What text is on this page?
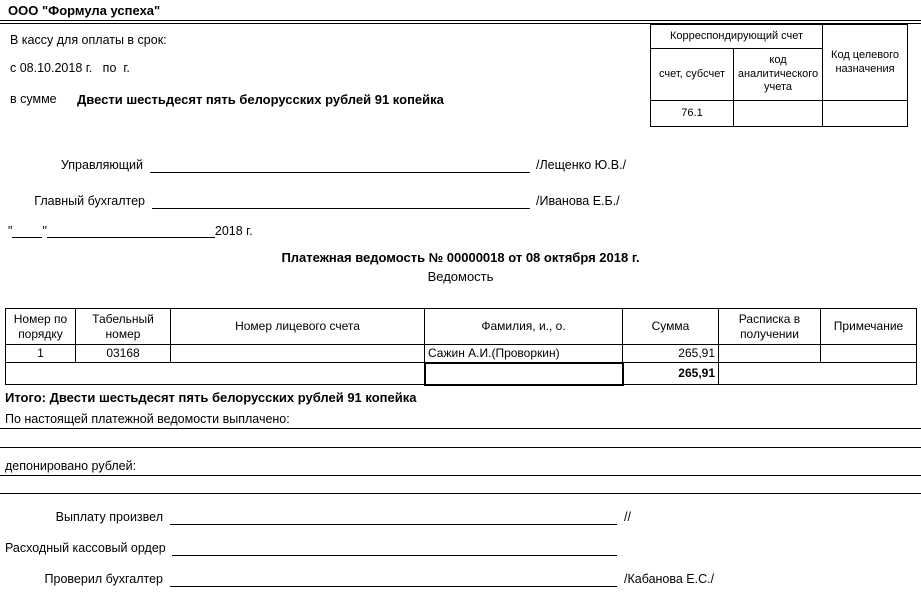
ООО "Формула успеха"
В кассу для оплаты в срок:
с 08.10.2018 г.   по  г.
в сумме Двести шестьдесят пять белорусских рублей 91 копейка
Корреспондирующий счет		Код целевого назначения
счет, субсчет	код аналитического учета	
76.1		
Управляющий	/Лещенко Ю.В./
Главный бухгалтер	/Иванова Е.Б./
" "	2018 г.
Платежная ведомость № 00000018 от 08 октября 2018 г.
Ведомость
Номер по порядку	Табельный номер	Номер лицевого счета	Фамилия, и., о.	Сумма	Расписка в получении	Примечание
1	03168		Сажин А.И.(Проворкин)	265,91		
				265,91		
Итого: Двести шестьдесят пять белорусских рублей 91 копейка
По настоящей платежной ведомости выплачено:
депонировано рублей:
Выплату произвел	//
Расходный кассовый ордер
Проверил бухгалтер	/Кабанова Е.С./
